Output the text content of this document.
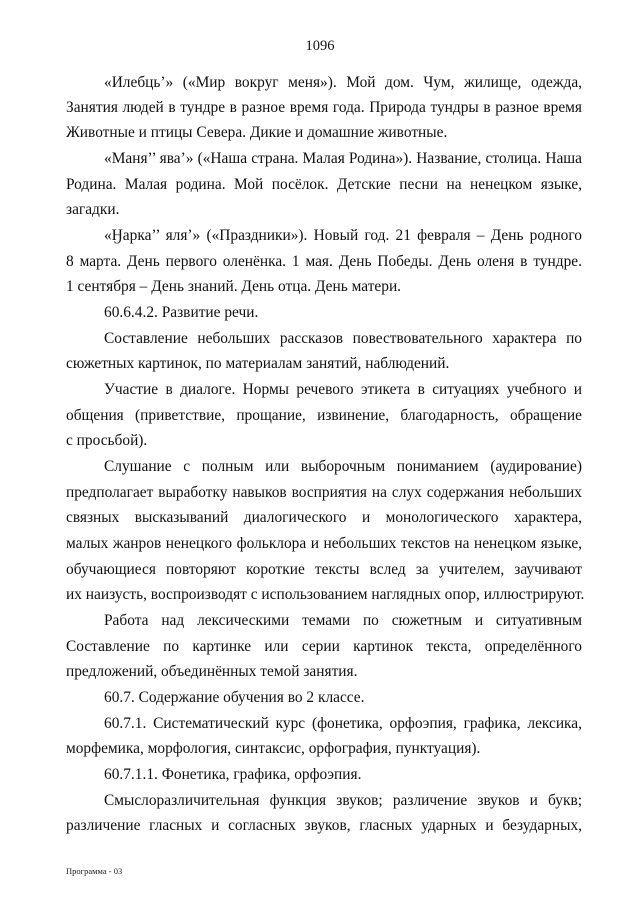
1096
«Илебць’» («Мир вокруг меня»). Мой дом. Чум, жилище, одежда,
Занятия людей в тундре в разное время года. Природа тундры в разное время
Животные и птицы Севера. Дикие и домашние животные.
«Маня’’ ява’» («Наша страна. Малая Родина»). Название, столица. Наша
Родина. Малая родина. Мой посёлок. Детские песни на ненецком языке,
загадки.
«Ӈарка’’ яля’» («Праздники»). Новый год. 21 февраля – День родного
8 марта. День первого оленёнка. 1 мая. День Победы. День оленя в тундре.
1 сентября – День знаний. День отца. День матери.
60.6.4.2. Развитие речи.
Составление небольших рассказов повествовательного характера по
сюжетных картинок, по материалам занятий, наблюдений.
Участие в диалоге. Нормы речевого этикета в ситуациях учебного и
общения (приветствие, прощание, извинение, благодарность, обращение
с просьбой).
Слушание с полным или выборочным пониманием (аудирование)
предполагает выработку навыков восприятия на слух содержания небольших
связных высказываний диалогического и монологического характера,
малых жанров ненецкого фольклора и небольших текстов на ненецком языке,
обучающиеся повторяют короткие тексты вслед за учителем, заучивают
их наизусть, воспроизводят с использованием наглядных опор, иллюстрируют.
Работа над лексическими темами по сюжетным и ситуативным
Составление по картинке или серии картинок текста, определённого
предложений, объединённых темой занятия.
60.7. Содержание обучения во 2 классе.
60.7.1. Систематический курс (фонетика, орфоэпия, графика, лексика,
морфемика, морфология, синтаксис, орфография, пунктуация).
60.7.1.1. Фонетика, графика, орфоэпия.
Смыслоразличительная функция звуков; различение звуков и букв;
различение гласных и согласных звуков, гласных ударных и безударных,
Программа - 03
